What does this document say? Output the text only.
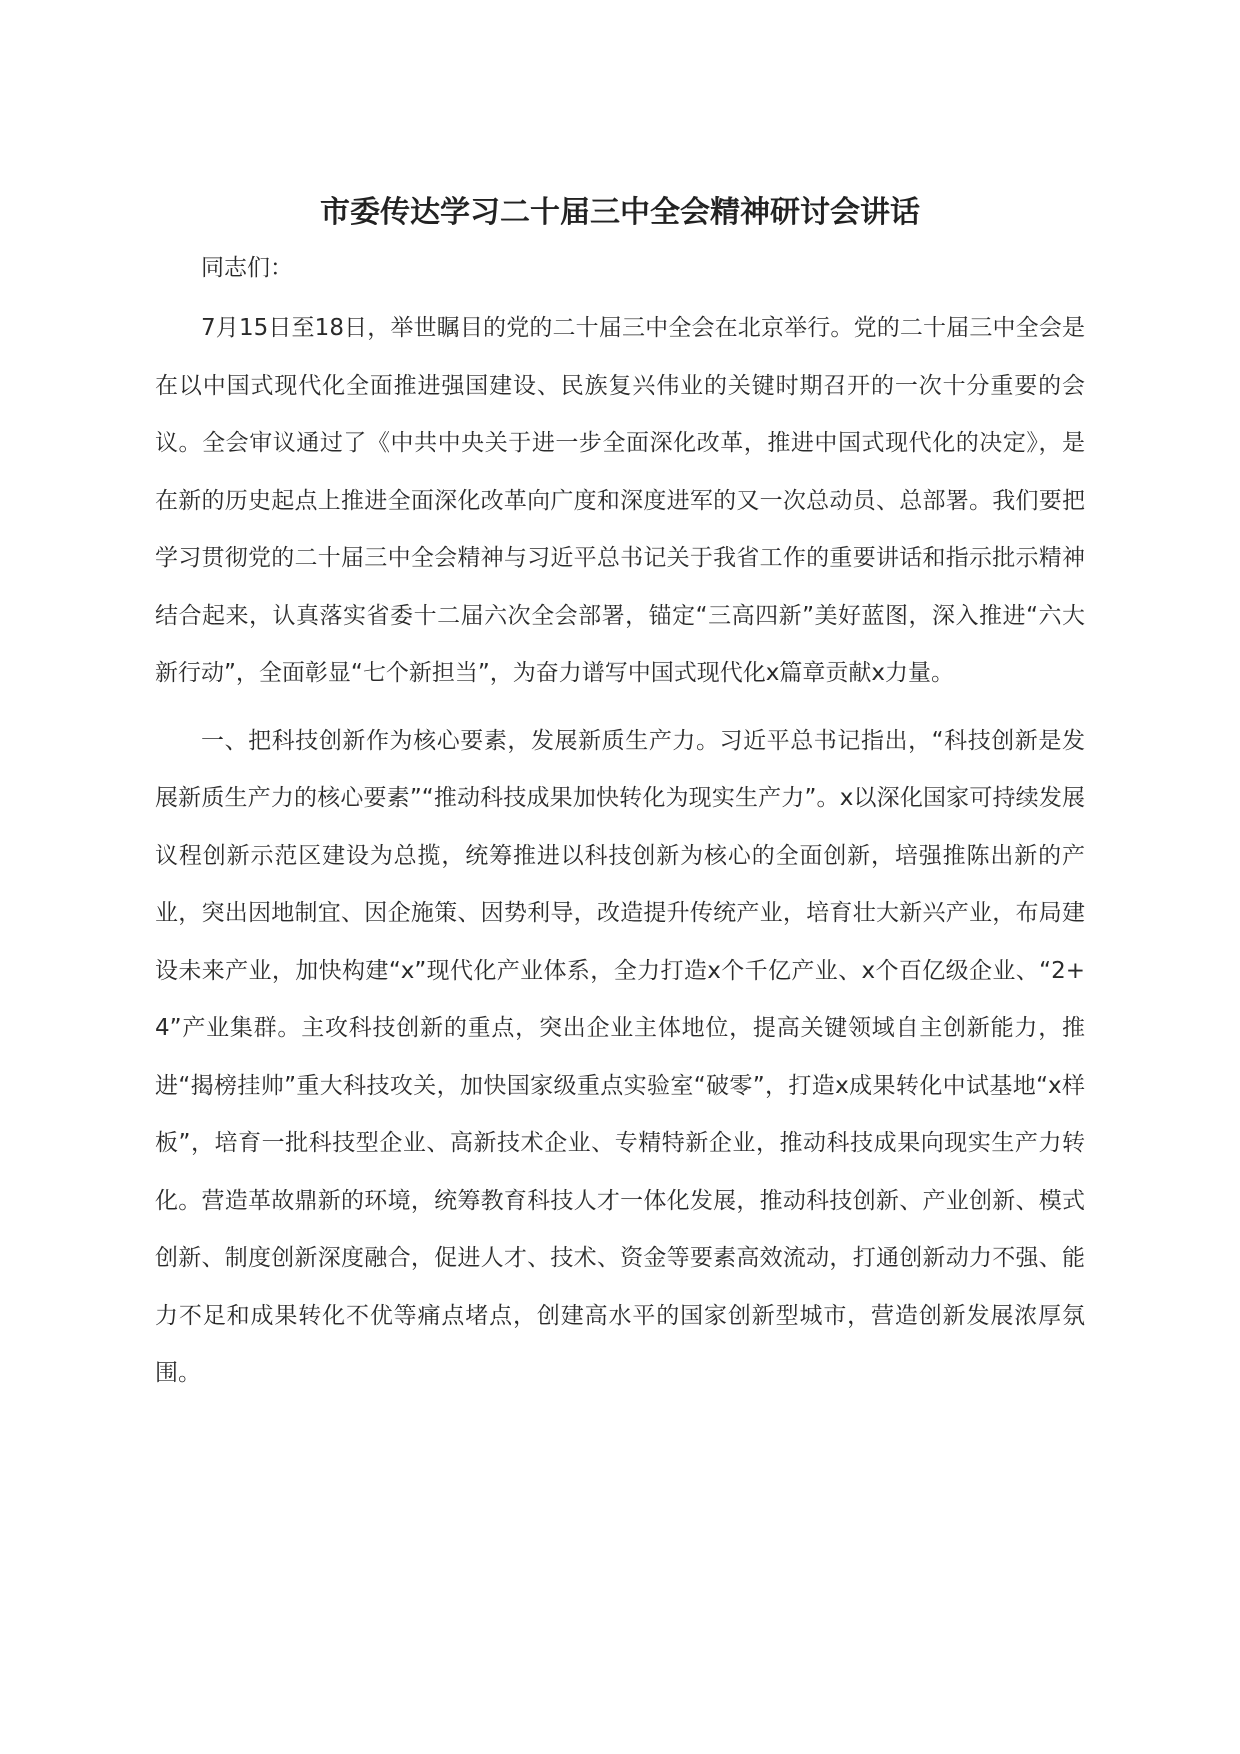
市委传达学习二十届三中全会精神研讨会讲话

同志们：

7月15日至18日，举世瞩目的党的二十届三中全会在北京举行。党的二十届三中全会是在以中国式现代化全面推进强国建设、民族复兴伟业的关键时期召开的一次十分重要的会议。全会审议通过了《中共中央关于进一步全面深化改革，推进中国式现代化的决定》，是在新的历史起点上推进全面深化改革向广度和深度进军的又一次总动员、总部署。我们要把学习贯彻党的二十届三中全会精神与习近平总书记关于我省工作的重要讲话和指示批示精神结合起来，认真落实省委十二届六次全会部署，锚定“三高四新”美好蓝图，深入推进“六大新行动”，全面彰显“七个新担当”，为奋力谱写中国式现代化x篇章贡献x力量。

一、把科技创新作为核心要素，发展新质生产力。习近平总书记指出，“科技创新是发展新质生产力的核心要素”“推动科技成果加快转化为现实生产力”。x以深化国家可持续发展议程创新示范区建设为总揽，统筹推进以科技创新为核心的全面创新，培强推陈出新的产业，突出因地制宜、因企施策、因势利导，改造提升传统产业，培育壮大新兴产业，布局建设未来产业，加快构建“x”现代化产业体系，全力打造x个千亿产业、x个百亿级企业、“2+4”产业集群。主攻科技创新的重点，突出企业主体地位，提高关键领域自主创新能力，推进“揭榜挂帅”重大科技攻关，加快国家级重点实验室“破零”，打造x成果转化中试基地“x样板”，培育一批科技型企业、高新技术企业、专精特新企业，推动科技成果向现实生产力转化。营造革故鼎新的环境，统筹教育科技人才一体化发展，推动科技创新、产业创新、模式创新、制度创新深度融合，促进人才、技术、资金等要素高效流动，打通创新动力不强、能力不足和成果转化不优等痛点堵点，创建高水平的国家创新型城市，营造创新发展浓厚氛围。
